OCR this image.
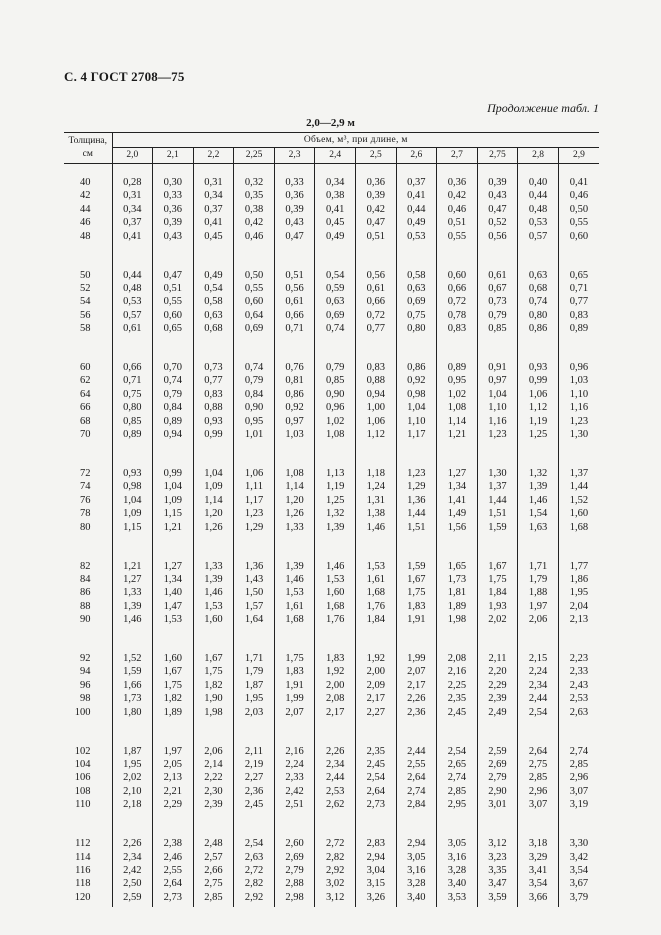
С. 4 ГОСТ 2708—75
Продолжение табл. 1
2,0—2,9 м
Толщина,
см	Объем, м³, при длине, м											
	2,0	2,1	2,2	2,25	2,3	2,4	2,5	2,6	2,7	2,75	2,8	2,9

40	0,28	0,30	0,31	0,32	0,33	0,34	0,36	0,37	0,36	0,39	0,40	0,41
42	0,31	0,33	0,34	0,35	0,36	0,38	0,39	0,41	0,42	0,43	0,44	0,46
44	0,34	0,36	0,37	0,38	0,39	0,41	0,42	0,44	0,46	0,47	0,48	0,50
46	0,37	0,39	0,41	0,42	0,43	0,45	0,47	0,49	0,51	0,52	0,53	0,55
48	0,41	0,43	0,45	0,46	0,47	0,49	0,51	0,53	0,55	0,56	0,57	0,60

50	0,44	0,47	0,49	0,50	0,51	0,54	0,56	0,58	0,60	0,61	0,63	0,65
52	0,48	0,51	0,54	0,55	0,56	0,59	0,61	0,63	0,66	0,67	0,68	0,71
54	0,53	0,55	0,58	0,60	0,61	0,63	0,66	0,69	0,72	0,73	0,74	0,77
56	0,57	0,60	0,63	0,64	0,66	0,69	0,72	0,75	0,78	0,79	0,80	0,83
58	0,61	0,65	0,68	0,69	0,71	0,74	0,77	0,80	0,83	0,85	0,86	0,89

60	0,66	0,70	0,73	0,74	0,76	0,79	0,83	0,86	0,89	0,91	0,93	0,96
62	0,71	0,74	0,77	0,79	0,81	0,85	0,88	0,92	0,95	0,97	0,99	1,03
64	0,75	0,79	0,83	0,84	0,86	0,90	0,94	0,98	1,02	1,04	1,06	1,10
66	0,80	0,84	0,88	0,90	0,92	0,96	1,00	1,04	1,08	1,10	1,12	1,16
68	0,85	0,89	0,93	0,95	0,97	1,02	1,06	1,10	1,14	1,16	1,19	1,23
70	0,89	0,94	0,99	1,01	1,03	1,08	1,12	1,17	1,21	1,23	1,25	1,30

72	0,93	0,99	1,04	1,06	1,08	1,13	1,18	1,23	1,27	1,30	1,32	1,37
74	0,98	1,04	1,09	1,11	1,14	1,19	1,24	1,29	1,34	1,37	1,39	1,44
76	1,04	1,09	1,14	1,17	1,20	1,25	1,31	1,36	1,41	1,44	1,46	1,52
78	1,09	1,15	1,20	1,23	1,26	1,32	1,38	1,44	1,49	1,51	1,54	1,60
80	1,15	1,21	1,26	1,29	1,33	1,39	1,46	1,51	1,56	1,59	1,63	1,68

82	1,21	1,27	1,33	1,36	1,39	1,46	1,53	1,59	1,65	1,67	1,71	1,77
84	1,27	1,34	1,39	1,43	1,46	1,53	1,61	1,67	1,73	1,75	1,79	1,86
86	1,33	1,40	1,46	1,50	1,53	1,60	1,68	1,75	1,81	1,84	1,88	1,95
88	1,39	1,47	1,53	1,57	1,61	1,68	1,76	1,83	1,89	1,93	1,97	2,04
90	1,46	1,53	1,60	1,64	1,68	1,76	1,84	1,91	1,98	2,02	2,06	2,13

92	1,52	1,60	1,67	1,71	1,75	1,83	1,92	1,99	2,08	2,11	2,15	2,23
94	1,59	1,67	1,75	1,79	1,83	1,92	2,00	2,07	2,16	2,20	2,24	2,33
96	1,66	1,75	1,82	1,87	1,91	2,00	2,09	2,17	2,25	2,29	2,34	2,43
98	1,73	1,82	1,90	1,95	1,99	2,08	2,17	2,26	2,35	2,39	2,44	2,53
100	1,80	1,89	1,98	2,03	2,07	2,17	2,27	2,36	2,45	2,49	2,54	2,63

102	1,87	1,97	2,06	2,11	2,16	2,26	2,35	2,44	2,54	2,59	2,64	2,74
104	1,95	2,05	2,14	2,19	2,24	2,34	2,45	2,55	2,65	2,69	2,75	2,85
106	2,02	2,13	2,22	2,27	2,33	2,44	2,54	2,64	2,74	2,79	2,85	2,96
108	2,10	2,21	2,30	2,36	2,42	2,53	2,64	2,74	2,85	2,90	2,96	3,07
110	2,18	2,29	2,39	2,45	2,51	2,62	2,73	2,84	2,95	3,01	3,07	3,19

112	2,26	2,38	2,48	2,54	2,60	2,72	2,83	2,94	3,05	3,12	3,18	3,30
114	2,34	2,46	2,57	2,63	2,69	2,82	2,94	3,05	3,16	3,23	3,29	3,42
116	2,42	2,55	2,66	2,72	2,79	2,92	3,04	3,16	3,28	3,35	3,41	3,54
118	2,50	2,64	2,75	2,82	2,88	3,02	3,15	3,28	3,40	3,47	3,54	3,67
120	2,59	2,73	2,85	2,92	2,98	3,12	3,26	3,40	3,53	3,59	3,66	3,79
